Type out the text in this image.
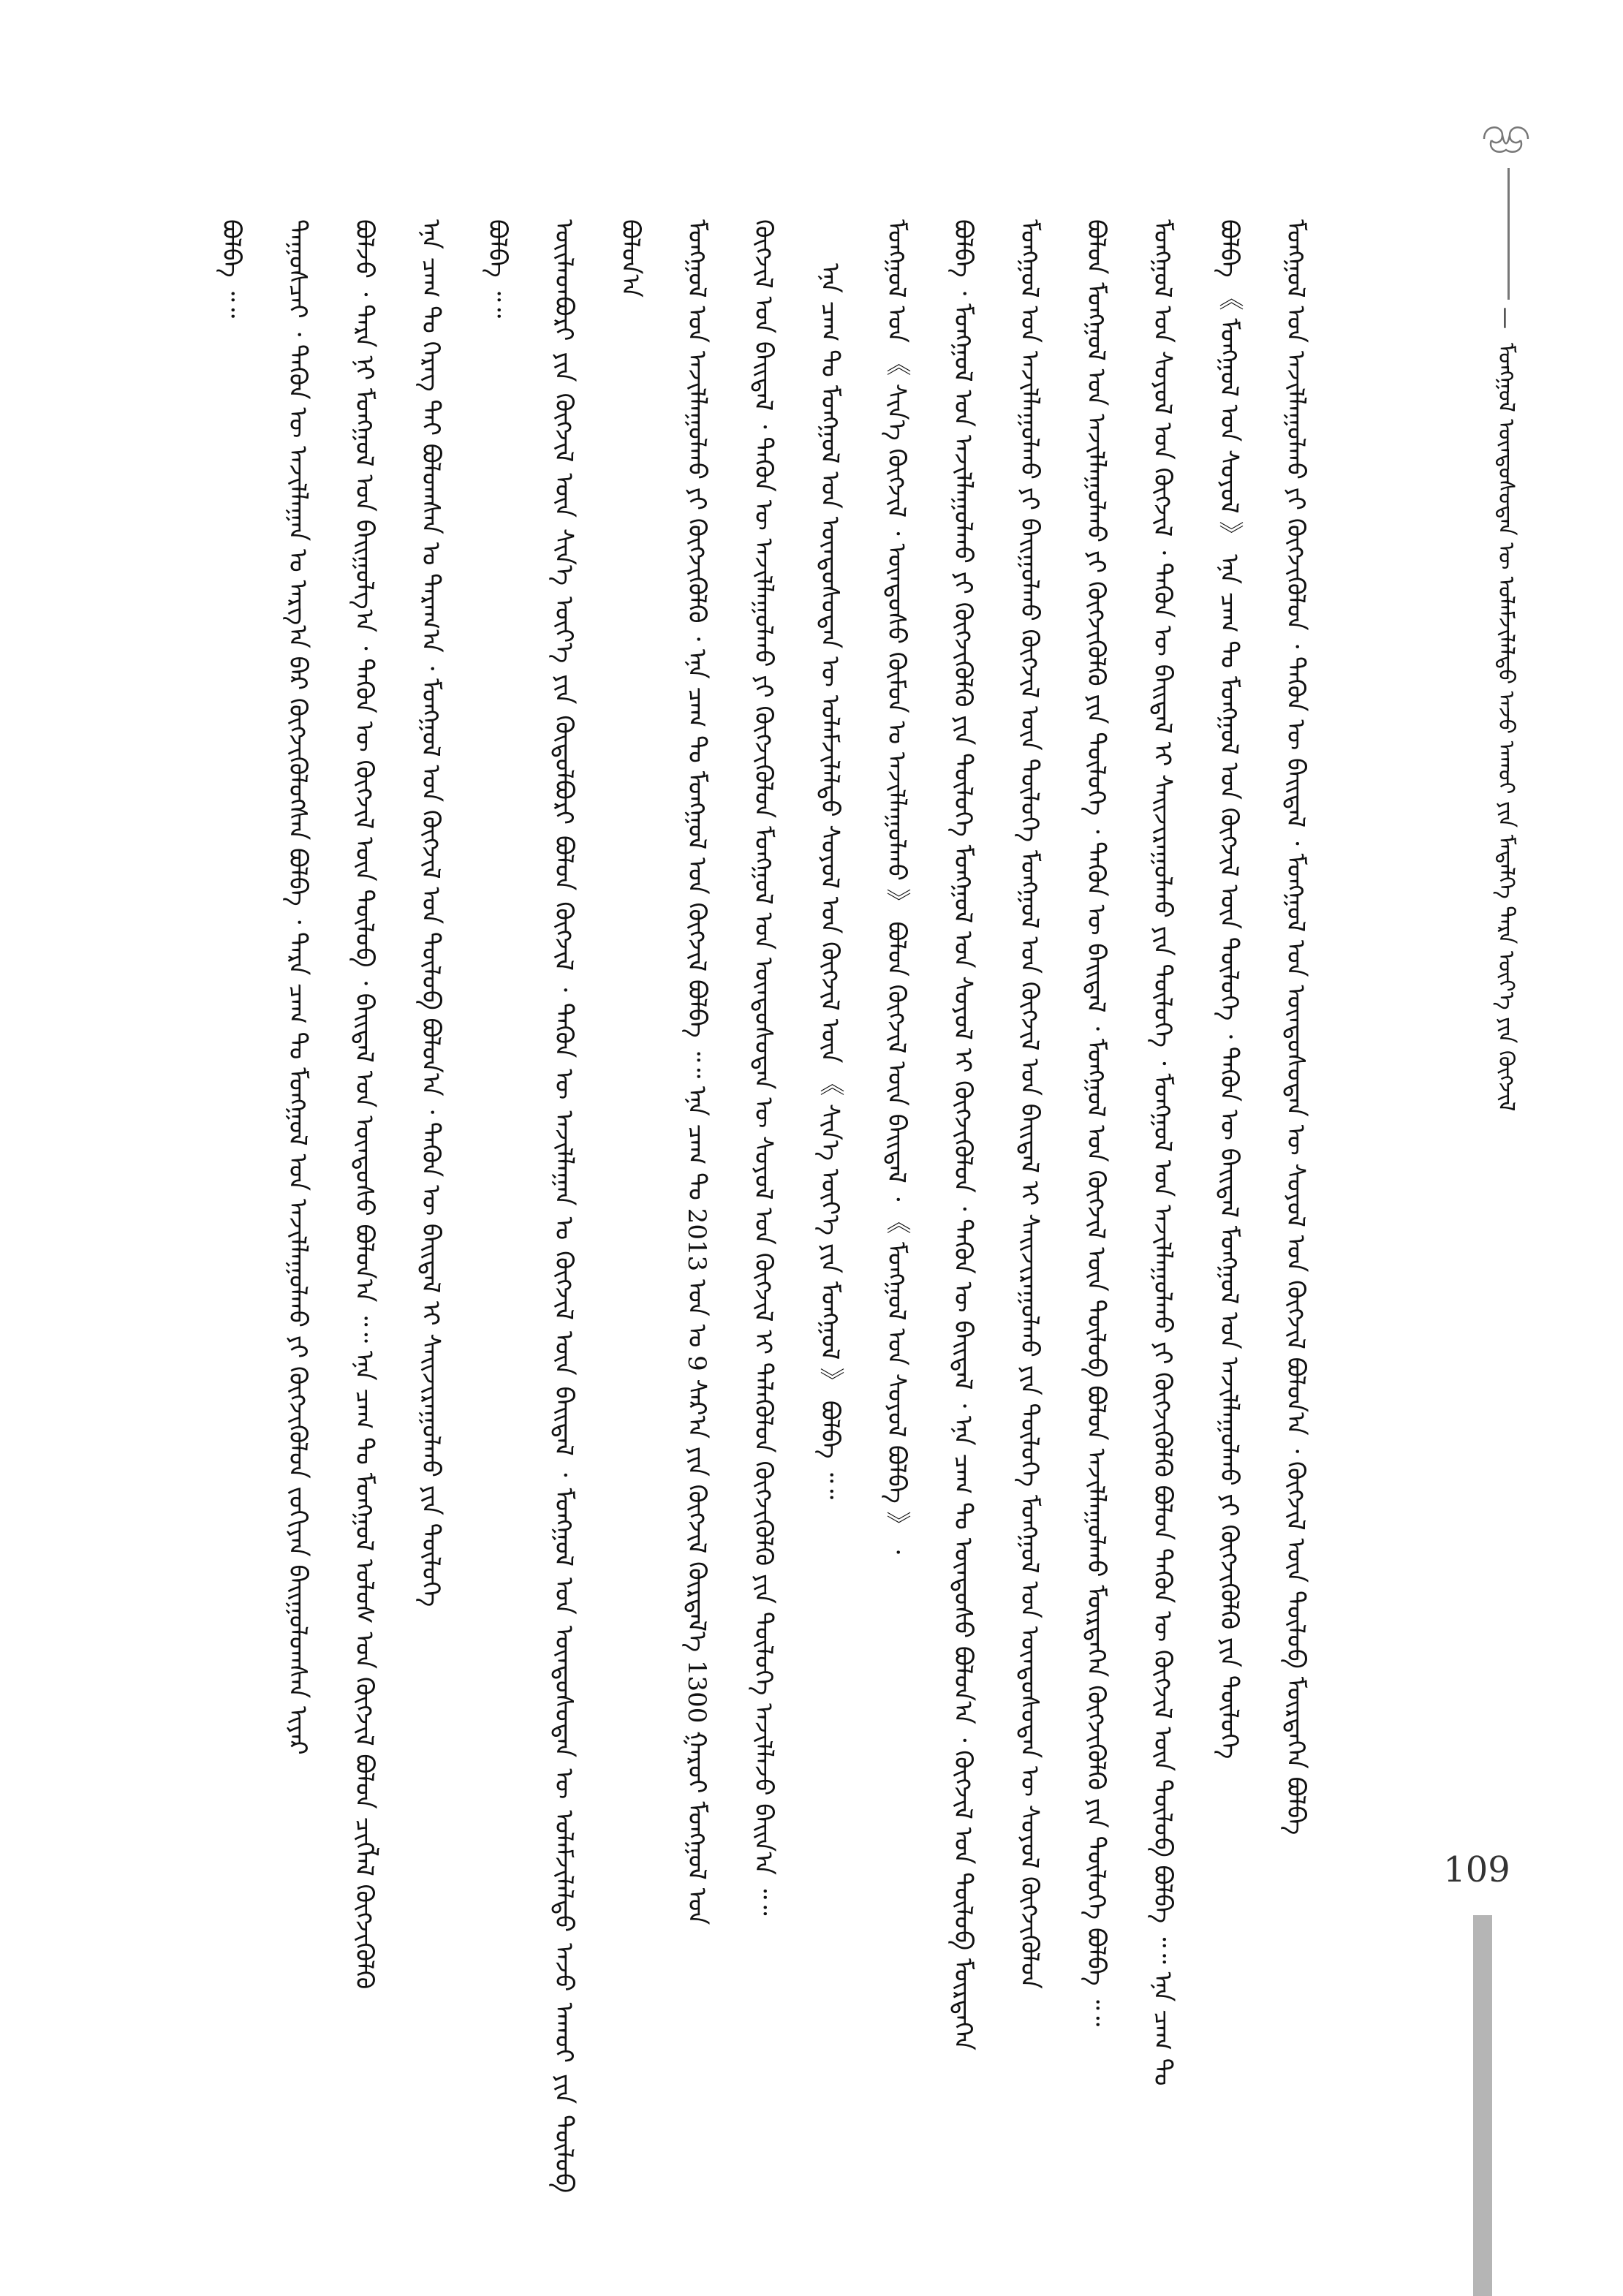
—
ᠮᠣᠩᠭᠣᠯ ᠦᠨᠳᠦᠰᠦᠲᠡᠨ ᠦ ᠤᠯᠠᠮᠵᠢᠯᠠᠯᠲᠤ ᠠᠵᠤ ᠠᠬᠤᠢ ᠶᠢᠨ ᠮᠡᠳᠡᠯᠭᠡ ᠲᠡᠷᠡ ᠦᠶ᠎ᠡ ᠶᠢᠨ ᠬᠥᠭᠵᠢᠯ

ᠪᠣᠯᠪᠠ ᠃᠃	ᠳᠠᠭᠤᠰᠴᠠᠢ ᠂ ᠲᠡᠭᠦᠨ ᠦ ᠠᠵᠢᠯᠯᠠᠭᠠᠨ ᠤ ᠠᠷᠭ᠎ᠠ ᠪᠠᠷ ᠬᠥᠭᠵᠢᠭᠦᠯᠦᠭᠰᠡᠨ ᠪᠣᠯᠪᠠ ᠂ ᠲᠡᠷᠡ ᠴᠠᠭ ᠲᠤ ᠮᠣᠩᠭᠣᠯ ᠤᠨ ᠠᠵᠢᠯᠯᠠᠭᠤᠯᠬᠤ ᠶᠢ ᠬᠥᠭᠵᠢᠭᠦᠯᠦᠨ ᠵᠣᠬᠢᠶᠠᠨ ᠪᠠᠢᠭᠤᠯᠤᠭᠰᠠᠨ ᠢᠶᠠᠷ	ᠪᠣᠯᠵᠤ ᠂ ᠲᠡᠷᠡ ᠨᠢ ᠮᠣᠩᠭᠣᠯ ᠤᠨ ᠪᠠᠢᠭᠤᠯᠭ᠎ᠠ ᠂ ᠲᠡᠭᠦᠨ ᠦ ᠬᠥᠭᠵᠢᠯ ᠦᠨ ᠲᠥᠯᠥᠪ ᠂ ᠪᠠᠢᠳᠠᠯ ᠤᠨ ᠦᠨᠳᠦᠰᠦ ᠪᠣᠯᠤᠨ᠎ᠠ ᠃᠃ ᠡᠨᠡ ᠴᠠᠭ ᠲᠤ ᠮᠣᠩᠭᠣᠯ ᠤᠯᠤᠰ ᠤᠨ ᠬᠥᠭᠵᠢᠯ ᠪᠣᠯᠤᠨ ᠴᠢᠭᠯᠡᠯ ᠬᠥᠭᠵᠢᠭᠦᠯᠬᠦ	ᠡᠨᠡ ᠴᠠᠭ ᠲᠤ ᠬᠡᠷᠡᠭ ᠲᠡᠢ ᠪᠣᠯᠤᠭᠰᠠᠨ ᠤ ᠳᠠᠷᠠᠭ᠎ᠠ ᠂ ᠮᠣᠩᠭᠣᠯ ᠤᠨ ᠬᠥᠭᠵᠢᠯ ᠤᠨ ᠲᠥᠯᠥᠪ ᠪᠣᠯᠤᠨ᠎ᠠ ᠂ ᠲᠡᠭᠦᠨ ᠦ ᠪᠠᠢᠳᠠᠯ ᠢ ᠰᠠᠢᠵᠢᠷᠠᠭᠤᠯᠬᠤ ᠶᠢᠨ ᠲᠥᠯᠥᠭᠡ	ᠪᠣᠯᠪᠠ ᠃᠃	ᠦᠢᠯᠡᠳᠪᠦᠷᠢ ᠶᠢᠨ ᠬᠥᠭᠵᠢᠯ ᠦᠨ ᠰᠢᠨ᠎ᠡ ᠦᠶ᠎ᠡ ᠶᠢᠨ ᠬᠥᠲᠦᠯᠪᠦᠷᠢ ᠪᠣᠯᠤᠨ ᠬᠥᠭᠵᠢᠯ ᠂ ᠲᠡᠭᠦᠨ ᠦ ᠠᠵᠢᠯᠯᠠᠭᠠᠨ ᠤ ᠬᠥᠭᠵᠢᠯ ᠦᠨ ᠪᠠᠢᠳᠠᠯ ᠂ ᠮᠣᠩᠭᠣᠯ ᠤᠨ ᠦᠨᠳᠦᠰᠦᠲᠡᠨ ᠦ ᠤᠯᠠᠮᠵᠢᠯᠠᠯᠲᠤ ᠠᠵᠤ ᠠᠬᠤᠢ ᠶᠢᠨ ᠲᠥᠯᠥᠪ ᠪᠣᠯᠤᠨ᠎ᠠ	ᠮᠣᠩᠭᠣᠯ ᠤᠨ ᠠᠵᠢᠯᠯᠠᠭᠤᠯᠬᠤ ᠶᠢ ᠬᠥᠭᠵᠢᠭᠦᠯᠬᠦ ᠂ ᠡᠨᠡ ᠴᠠᠭ ᠲᠤ ᠮᠣᠩᠭᠣᠯ ᠤᠨ ᠬᠥᠭᠵᠢᠯ ᠪᠣᠯᠪᠠ ᠃᠃ ᠡᠨᠡ ᠴᠠᠭ ᠲᠤ 2013 ᠣᠨ ᠤ 9 ᠰᠠᠷ᠎ᠠ ᠶᠢᠨ ᠬᠥᠭᠵᠢᠯ ᠬᠦᠷᠲᠡᠯ᠎ᠡ 1300 ᠭᠠᠷᠤᠢ ᠮᠣᠩᠭᠣᠯ ᠤᠨ	ᠬᠥᠭᠵᠢᠯ ᠤᠨ ᠪᠠᠢᠳᠠᠯ ᠂ ᠲᠡᠭᠦᠨ ᠦ ᠠᠵᠢᠯᠯᠠᠭᠤᠯᠬᠤ ᠶᠢ ᠬᠥᠭᠵᠢᠭᠦᠯᠦᠨ ᠮᠣᠩᠭᠣᠯ ᠤᠨ ᠦᠨᠳᠦᠰᠦᠲᠡᠨ ᠦ ᠰᠣᠶᠣᠯ ᠤᠨ ᠬᠥᠭᠵᠢᠯ ᠢ ᠲᠡᠯᠡᠭᠦᠯᠦᠨ ᠬᠥᠭᠵᠢᠭᠦᠯᠬᠦ ᠶᠢᠨ ᠲᠥᠯᠥᠭᠡ ᠠᠵᠢᠯᠯᠠᠵᠤ ᠪᠠᠢᠨ᠎ᠠ ᠃᠃	ᠡᠨᠡ ᠴᠠᠭ ᠲᠤ ᠮᠣᠩᠭᠣᠯ ᠤᠨ ᠦᠨᠳᠦᠰᠦᠲᠡᠨ ᠦ ᠤᠯᠠᠮᠵᠢᠯᠠᠯᠲᠤ ᠰᠣᠶᠣᠯ ᠤᠨ ᠬᠥᠭᠵᠢᠯ ᠦᠨ 《 ᠰᠢᠨ᠎ᠡ ᠦᠶ᠎ᠡ ᠶᠢᠨ ᠮᠣᠩᠭᠣᠯ 》 ᠪᠣᠯᠪᠠ ᠃᠃	ᠮᠣᠩᠭᠣᠯ ᠤᠨ 《 ᠰᠢᠨ᠎ᠡ ᠬᠥᠭᠵᠢᠯ ᠂ ᠦᠨᠳᠦᠰᠦ ᠬᠦᠮᠦᠨ ᠤ ᠠᠵᠢᠯᠯᠠᠭᠤᠯᠬᠤ 》 ᠪᠣᠯᠤᠨ ᠬᠥᠭᠵᠢᠯ ᠦᠨ ᠪᠠᠢᠳᠠᠯ ᠂ 《 ᠮᠣᠩᠭᠣᠯ ᠤᠨ ᠰᠣᠶᠣᠯ ᠪᠣᠯᠪᠠ 》 ᠂	ᠪᠣᠯᠪᠠ ᠂ ᠮᠣᠩᠭᠣᠯ ᠤᠨ ᠠᠵᠢᠯᠯᠠᠭᠤᠯᠬᠤ ᠶᠢ ᠬᠥᠭᠵᠢᠭᠦᠯᠬᠦ ᠶᠢᠨ ᠲᠥᠯᠥᠭᠡ ᠮᠣᠩᠭᠣᠯ ᠤᠨ ᠰᠣᠶᠣᠯ ᠢ ᠬᠥᠭᠵᠢᠭᠦᠯᠦᠨ ᠂ ᠲᠡᠭᠦᠨ ᠦ ᠪᠠᠢᠳᠠᠯ ᠂ ᠡᠨᠡ ᠴᠠᠭ ᠲᠤ ᠦᠨᠳᠦᠰᠦ ᠪᠣᠯᠤᠨ᠎ᠠ ᠂ ᠬᠥᠭᠵᠢᠯ ᠤᠨ ᠲᠥᠯᠥᠪ ᠮᠥᠷᠲᠡᠭᠡᠨ	ᠮᠣᠩᠭᠣᠯ ᠤᠨ ᠠᠵᠢᠯᠯᠠᠭᠤᠯᠬᠤ ᠶᠢ ᠪᠠᠢᠭᠤᠯᠬᠤ ᠬᠥᠭᠵᠢᠯ ᠦᠨ ᠲᠥᠯᠥᠭᠡ ᠮᠣᠩᠭᠣᠯ ᠤᠨ ᠬᠥᠭᠵᠢᠯ ᠤᠨ ᠪᠠᠢᠳᠠᠯ ᠢ ᠰᠠᠢᠵᠢᠷᠠᠭᠤᠯᠬᠤ ᠶᠢᠨ ᠲᠥᠯᠥᠭᠡ ᠮᠣᠩᠭᠣᠯ ᠤᠨ ᠦᠨᠳᠦᠰᠦᠲᠡᠨ ᠦ ᠰᠣᠶᠣᠯ ᠬᠥᠭᠵᠢᠭᠦᠯᠦᠨ	ᠪᠣᠯᠤᠨ ᠮᠣᠩᠭᠣᠯ ᠤᠨ ᠠᠵᠢᠯᠯᠠᠭᠤᠯᠬᠤ ᠶᠢ ᠬᠥᠭᠵᠢᠭᠦᠯᠬᠦ ᠶᠢᠨ ᠲᠥᠯᠥᠭᠡ ᠂ ᠲᠡᠭᠦᠨ ᠦ ᠪᠠᠢᠳᠠᠯ ᠂ ᠮᠣᠩᠭᠣᠯ ᠤᠨ ᠬᠥᠭᠵᠢᠯ ᠦᠨ ᠲᠥᠯᠥᠪ ᠪᠣᠯᠤᠨ ᠠᠵᠢᠯᠯᠠᠭᠤᠯᠬᠤ ᠮᠥᠷᠲᠡᠭᠡᠨ ᠬᠥᠭᠵᠢᠭᠦᠯᠬᠦ ᠶᠢᠨ ᠲᠥᠯᠥᠭᠡ ᠪᠣᠯᠪᠠ ᠃᠃	ᠮᠣᠩᠭᠣᠯ ᠤᠨ ᠰᠣᠶᠣᠯ ᠤᠨ ᠬᠥᠭᠵᠢᠯ ᠂ ᠲᠡᠭᠦᠨ ᠦ ᠪᠠᠢᠳᠠᠯ ᠢ ᠰᠠᠢᠵᠢᠷᠠᠭᠤᠯᠬᠤ ᠶᠢᠨ ᠲᠥᠯᠥᠭᠡ ᠂ ᠮᠣᠩᠭᠣᠯ ᠤᠨ ᠠᠵᠢᠯᠯᠠᠭᠤᠯᠬᠤ ᠶᠢ ᠬᠥᠭᠵᠢᠭᠦᠯᠬᠦ ᠪᠣᠯᠤᠨ ᠲᠡᠭᠦᠨ ᠦ ᠬᠥᠭᠵᠢᠯ ᠦᠨ ᠲᠥᠯᠥᠪ ᠪᠣᠯᠪᠠ ᠃᠃ ᠡᠨᠡ ᠴᠠᠭ ᠲᠤ	ᠪᠣᠯᠪᠠ 《 ᠮᠣᠩᠭᠣᠯ ᠤᠨ ᠰᠣᠶᠣᠯ 》 ᠡᠨᠡ ᠴᠠᠭ ᠲᠤ ᠮᠣᠩᠭᠣᠯ ᠤᠨ ᠬᠥᠭᠵᠢᠯ ᠦᠨ ᠲᠥᠯᠥᠭᠡ ᠂ ᠲᠡᠭᠦᠨ ᠦ ᠪᠠᠢᠳᠠᠯ ᠮᠣᠩᠭᠣᠯ ᠤᠨ ᠠᠵᠢᠯᠯᠠᠭᠤᠯᠬᠤ ᠶᠢ ᠬᠥᠭᠵᠢᠭᠦᠯᠬᠦ ᠶᠢᠨ ᠲᠥᠯᠥᠭᠡ	ᠮᠣᠩᠭᠣᠯ ᠤᠨ ᠠᠵᠢᠯᠯᠠᠭᠤᠯᠬᠤ ᠶᠢ ᠬᠥᠭᠵᠢᠭᠦᠯᠦᠨ ᠂ ᠲᠡᠭᠦᠨ ᠦ ᠪᠠᠢᠳᠠᠯ ᠂ ᠮᠣᠩᠭᠣᠯ ᠤᠨ ᠦᠨᠳᠦᠰᠦᠲᠡᠨ ᠦ ᠰᠣᠶᠣᠯ ᠤᠨ ᠬᠥᠭᠵᠢᠯ ᠪᠣᠯᠤᠨ᠎ᠠ ᠂ ᠬᠥᠭᠵᠢᠯ ᠦᠨ ᠲᠥᠯᠥᠪ ᠮᠥᠷᠲᠡᠭᠡᠨ ᠪᠣᠯᠪᠠ

109
